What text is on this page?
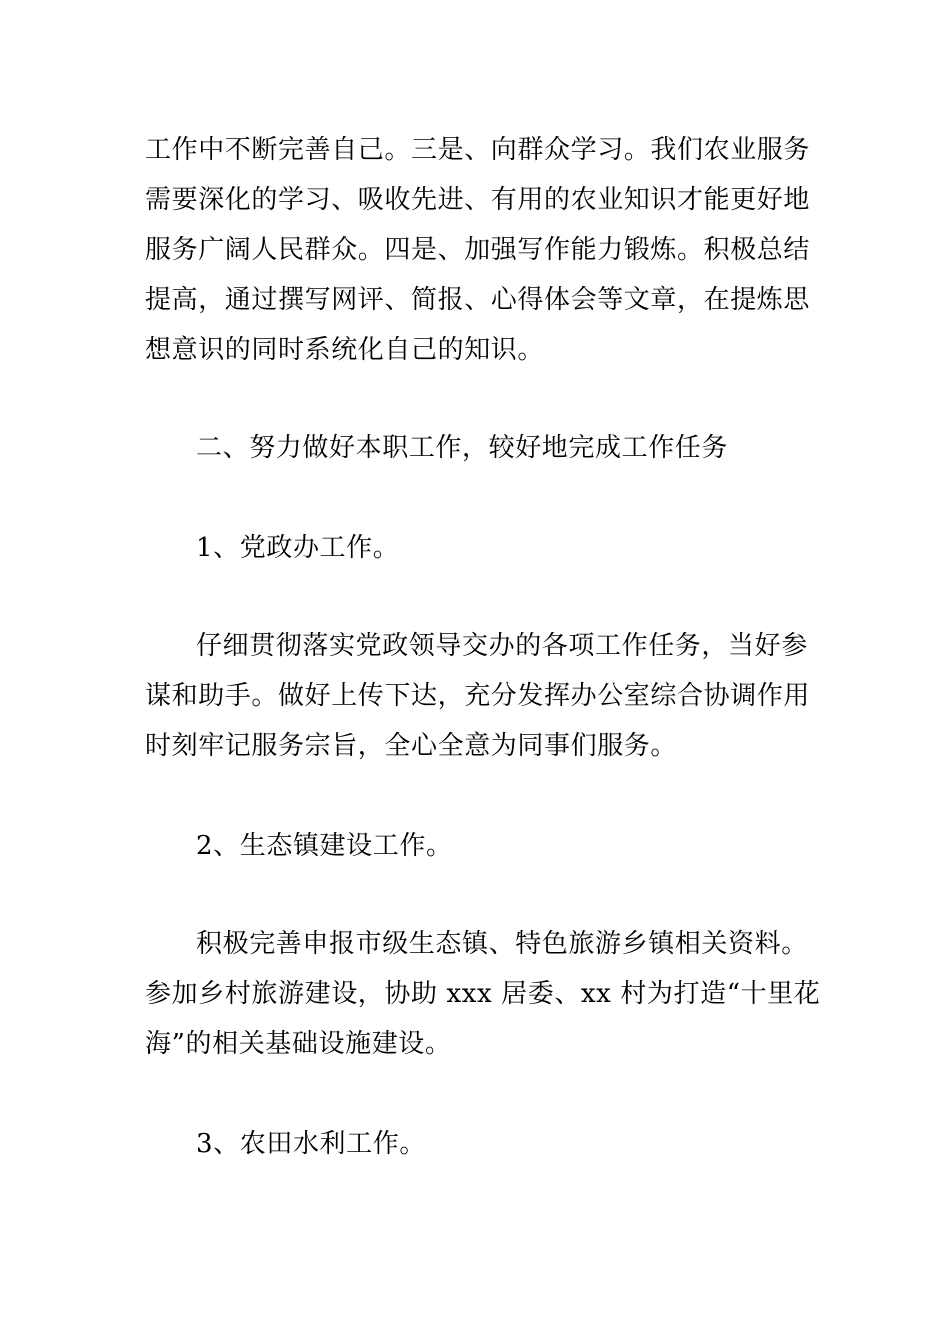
工作中不断完善自己。三是、向群众学习。我们农业服务
需要深化的学习、吸收先进、有用的农业知识才能更好地
服务广阔人民群众。四是、加强写作能力锻炼。积极总结
提高，通过撰写网评、简报、心得体会等文章，在提炼思
想意识的同时系统化自己的知识。
二、努力做好本职工作，较好地完成工作任务
1、党政办工作。
仔细贯彻落实党政领导交办的各项工作任务，当好参
谋和助手。做好上传下达，充分发挥办公室综合协调作用
时刻牢记服务宗旨，全心全意为同事们服务。
2、生态镇建设工作。
积极完善申报市级生态镇、特色旅游乡镇相关资料。
参加乡村旅游建设，协助 xxx 居委、xx 村为打造“十里花
海”的相关基础设施建设。
3、农田水利工作。
